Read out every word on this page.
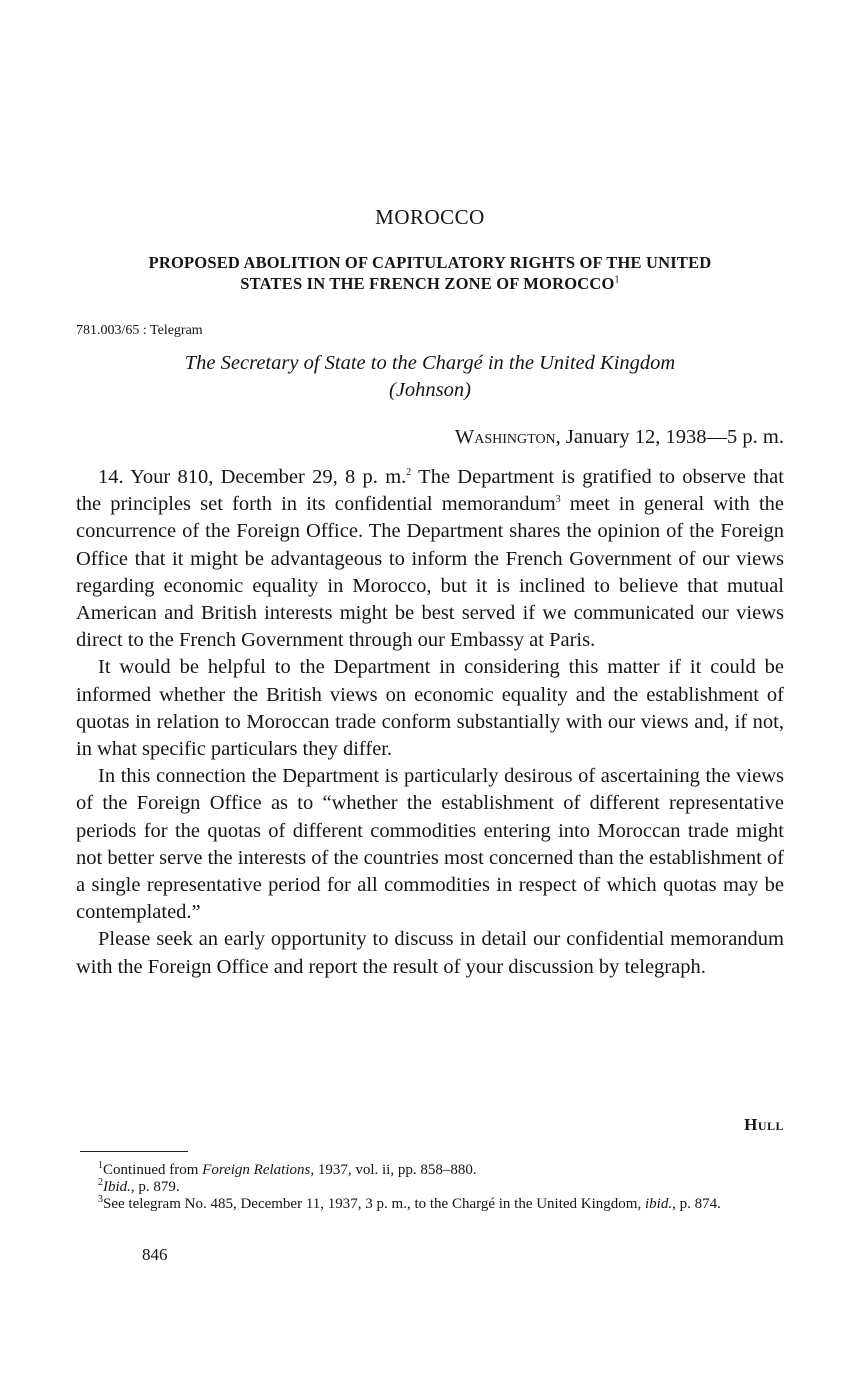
MOROCCO
PROPOSED ABOLITION OF CAPITULATORY RIGHTS OF THE UNITED
STATES IN THE FRENCH ZONE OF MOROCCO$^1$
781.003/65 : Telegram
The Secretary of State to the Chargé in the United Kingdom
(Johnson)
Washington, January 12, 1938—5 p. m.

14. Your 810, December 29, 8 p. m.$^2$ The Department is gratified to observe that the principles set forth in its confidential memorandum$^3$ meet in general with the concurrence of the Foreign Office. The Department shares the opinion of the Foreign Office that it might be advantageous to inform the French Government of our views regarding economic equality in Morocco, but it is inclined to believe that mutual American and British interests might be best served if we communicated our views direct to the French Government through our Embassy at Paris.

It would be helpful to the Department in considering this matter if it could be informed whether the British views on economic equality and the establishment of quotas in relation to Moroccan trade conform substantially with our views and, if not, in what specific particulars they differ.

In this connection the Department is particularly desirous of ascertaining the views of the Foreign Office as to “whether the establishment of different representative periods for the quotas of different commodities entering into Moroccan trade might not better serve the interests of the countries most concerned than the establishment of a single representative period for all commodities in respect of which quotas may be contemplated.”

Please seek an early opportunity to discuss in detail our confidential memorandum with the Foreign Office and report the result of your discussion by telegraph.

Hull

$^1$Continued from Foreign Relations, 1937, vol. ii, pp. 858–880.

$^2$Ibid., p. 879.

$^3$See telegram No. 485, December 11, 1937, 3 p. m., to the Chargé in the United Kingdom, ibid., p. 874.

846
